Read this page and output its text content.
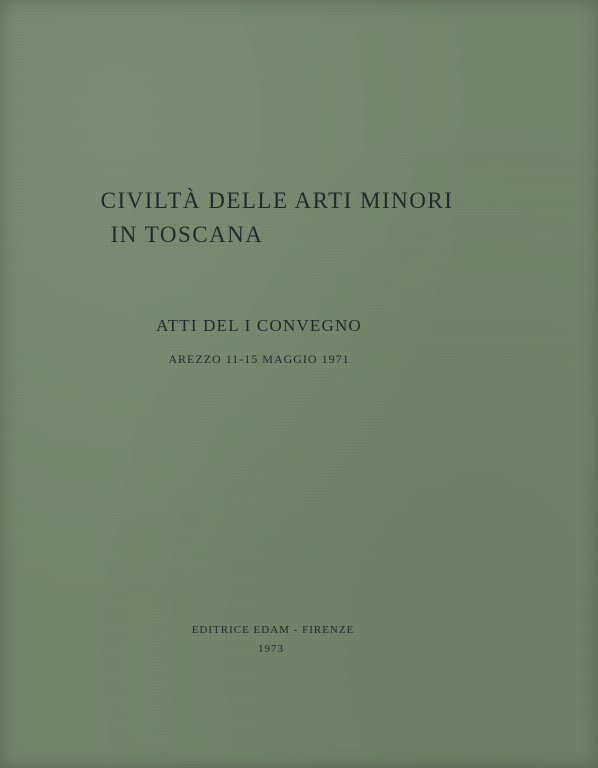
CIVILTÀ DELLE ARTI MINORI
IN TOSCANA
ATTI DEL I CONVEGNO
AREZZO 11-15 MAGGIO 1971
EDITRICE EDAM - FIRENZE
1973
